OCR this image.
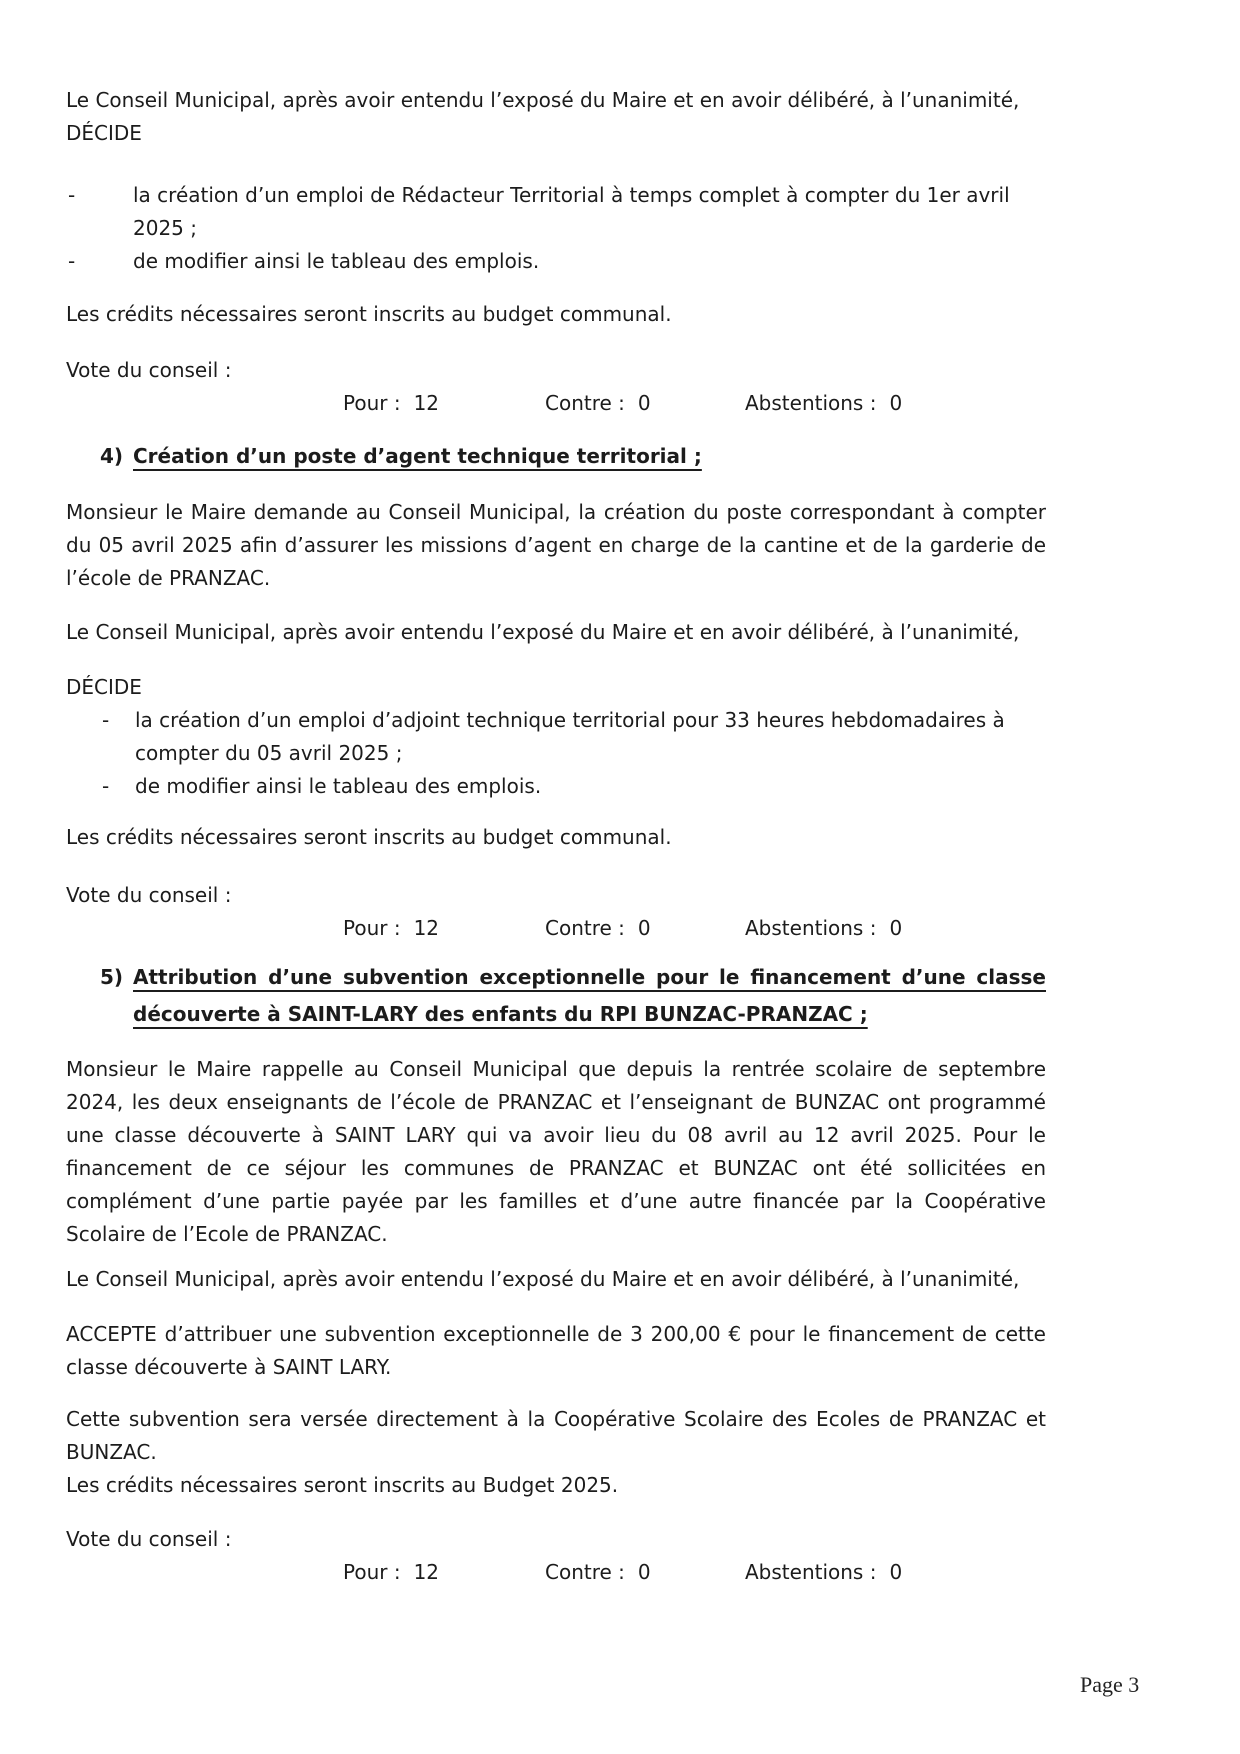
Le Conseil Municipal, après avoir entendu l’exposé du Maire et en avoir délibéré, à l’unanimité,

DÉCIDE

-	la création d’un emploi de Rédacteur Territorial à temps complet à compter du 1er avril 2025 ;
-	de modifier ainsi le tableau des emplois.

Les crédits nécessaires seront inscrits au budget communal.

Vote du conseil :

Pour : 12	Contre : 0	Abstentions : 0
4) Création d’un poste d’agent technique territorial ;

Monsieur le Maire demande au Conseil Municipal, la création du poste correspondant à compter du 05 avril 2025 afin d’assurer les missions d’agent en charge de la cantine et de la garderie de l’école de PRANZAC.

Le Conseil Municipal, après avoir entendu l’exposé du Maire et en avoir délibéré, à l’unanimité,

DÉCIDE

- la création d’un emploi d’adjoint technique territorial pour 33 heures hebdomadaires à compter du 05 avril 2025 ;
- de modifier ainsi le tableau des emplois.

Les crédits nécessaires seront inscrits au budget communal.

Vote du conseil :

Pour : 12	Contre : 0	Abstentions : 0
5) Attribution d’une subvention exceptionnelle pour le financement d’une classe découverte à SAINT-LARY des enfants du RPI BUNZAC-PRANZAC ;

Monsieur le Maire rappelle au Conseil Municipal que depuis la rentrée scolaire de septembre 2024, les deux enseignants de l’école de PRANZAC et l’enseignant de BUNZAC ont programmé une classe découverte à SAINT LARY qui va avoir lieu du 08 avril au 12 avril 2025. Pour le financement de ce séjour les communes de PRANZAC et BUNZAC ont été sollicitées en complément d’une partie payée par les familles et d’une autre financée par la Coopérative Scolaire de l’Ecole de PRANZAC.

Le Conseil Municipal, après avoir entendu l’exposé du Maire et en avoir délibéré, à l’unanimité,

ACCEPTE d’attribuer une subvention exceptionnelle de 3 200,00 € pour le financement de cette classe découverte à SAINT LARY.

Cette subvention sera versée directement à la Coopérative Scolaire des Ecoles de PRANZAC et BUNZAC.

Les crédits nécessaires seront inscrits au Budget 2025.

Vote du conseil :

Pour : 12	Contre : 0	Abstentions : 0
Page 3
